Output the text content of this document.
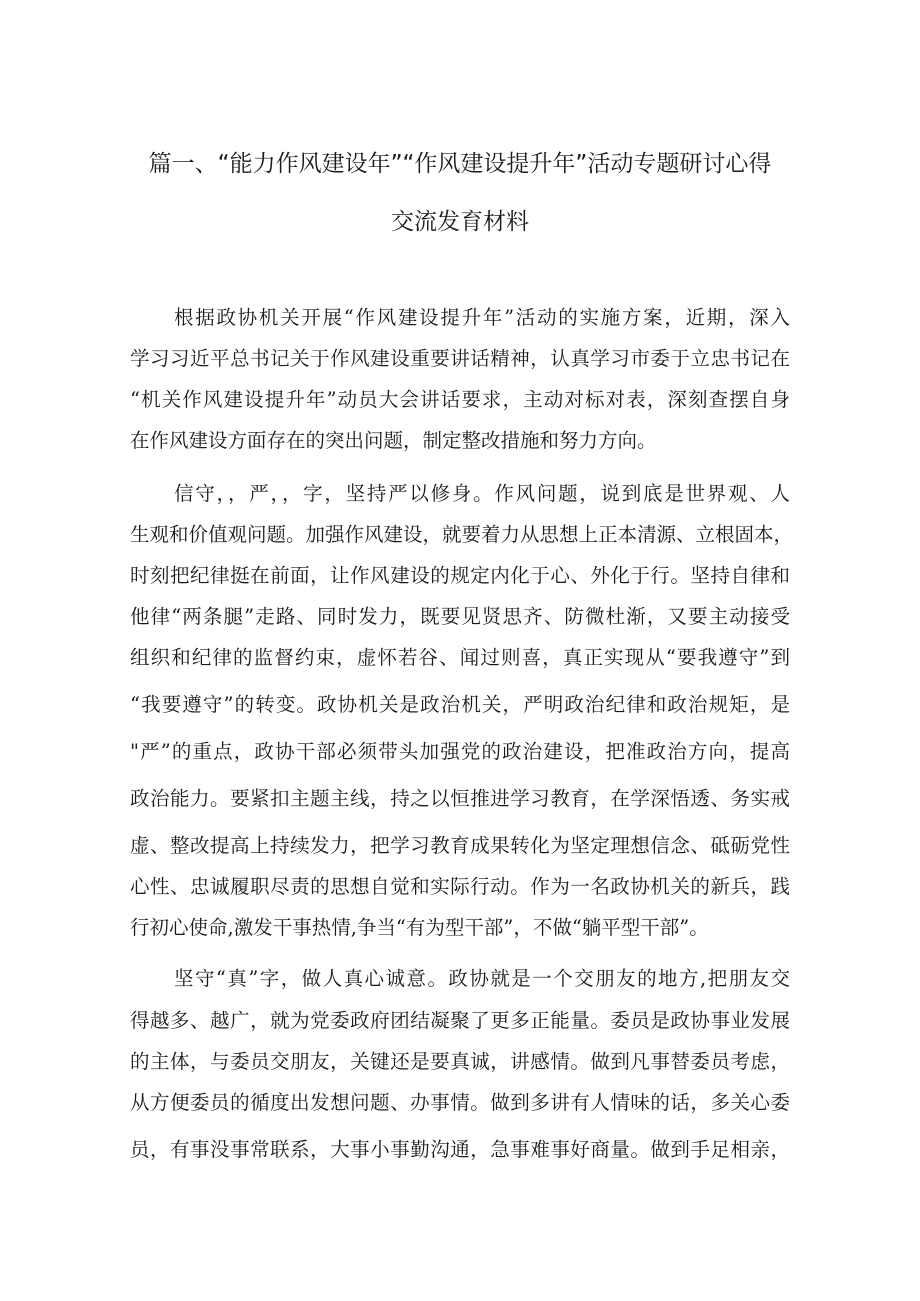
篇一、“能力作风建设年”“作风建设提升年”活动专题研讨心得
交流发育材料
根据政协机关开展“作风建设提升年”活动的实施方案，近期，深入
学习习近平总书记关于作风建设重要讲话精神，认真学习市委于立忠书记在
“机关作风建设提升年”动员大会讲话要求，主动对标对表，深刻查摆自身
在作风建设方面存在的突出问题，制定整改措施和努力方向。
信守，，严，，字，坚持严以修身。作风问题，说到底是世界观、人
生观和价值观问题。加强作风建设，就要着力从思想上正本清源、立根固本，
时刻把纪律挺在前面，让作风建设的规定内化于心、外化于行。坚持自律和
他律“两条腿”走路、同时发力，既要见贤思齐、防微杜渐，又要主动接受
组织和纪律的监督约束，虚怀若谷、闻过则喜，真正实现从“要我遵守”到
“我要遵守”的转变。政协机关是政治机关，严明政治纪律和政治规矩，是
"严”的重点，政协干部必须带头加强党的政治建设，把准政治方向，提高
政治能力。要紧扣主题主线，持之以恒推进学习教育，在学深悟透、务实戒
虚、整改提高上持续发力，把学习教育成果转化为坚定理想信念、砥砺党性
心性、忠诚履职尽责的思想自觉和实际行动。作为一名政协机关的新兵，践
行初心使命,激发干事热情,争当“有为型干部”，不做“躺平型干部”。
坚守“真”字，做人真心诚意。政协就是一个交朋友的地方,把朋友交
得越多、越广，就为党委政府团结凝聚了更多正能量。委员是政协事业发展
的主体，与委员交朋友，关键还是要真诚，讲感情。做到凡事替委员考虑，
从方便委员的循度出发想问题、办事情。做到多讲有人情味的话，多关心委
员，有事没事常联系，大事小事勤沟通，急事难事好商量。做到手足相亲，
